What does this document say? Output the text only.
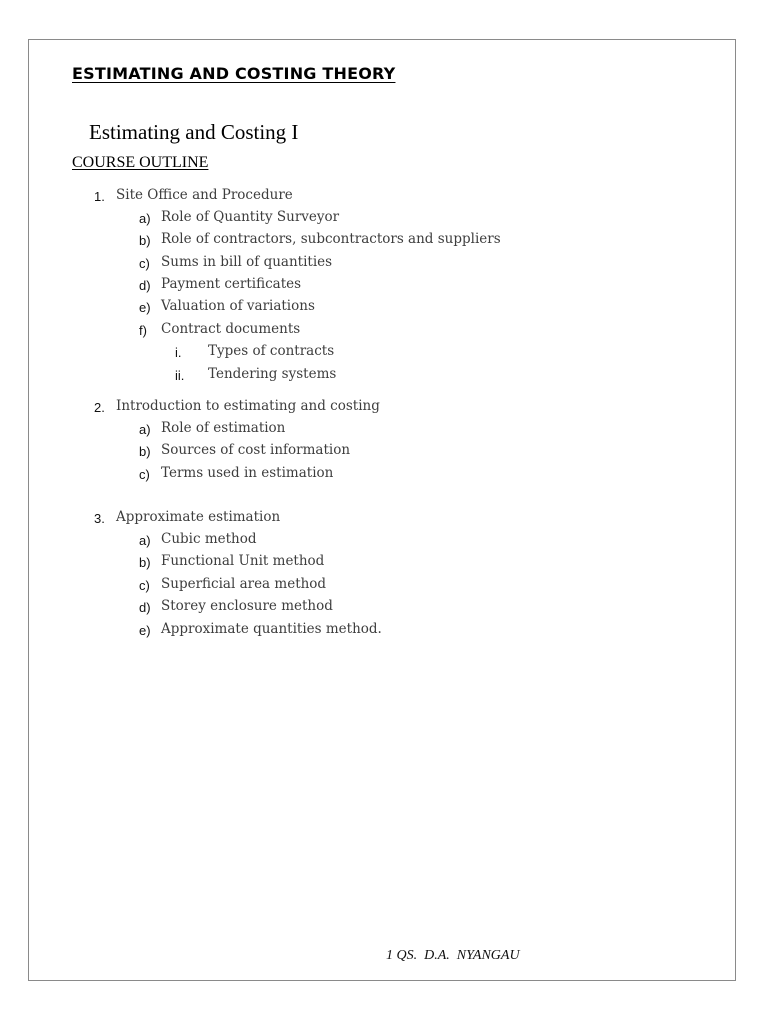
ESTIMATING AND COSTING THEORY
Estimating and Costing I
COURSE OUTLINE
1. Site Office and Procedure
a) Role of Quantity Surveyor
b) Role of contractors, subcontractors and suppliers
c) Sums in bill of quantities
d) Payment certificates
e) Valuation of variations
f) Contract documents
i. Types of contracts
ii. Tendering systems
2. Introduction to estimating and costing
a) Role of estimation
b) Sources of cost information
c) Terms used in estimation
3. Approximate estimation
a) Cubic method
b) Functional Unit method
c) Superficial area method
d) Storey enclosure method
e) Approximate quantities method.
1 QS.  D.A.  NYANGAU
